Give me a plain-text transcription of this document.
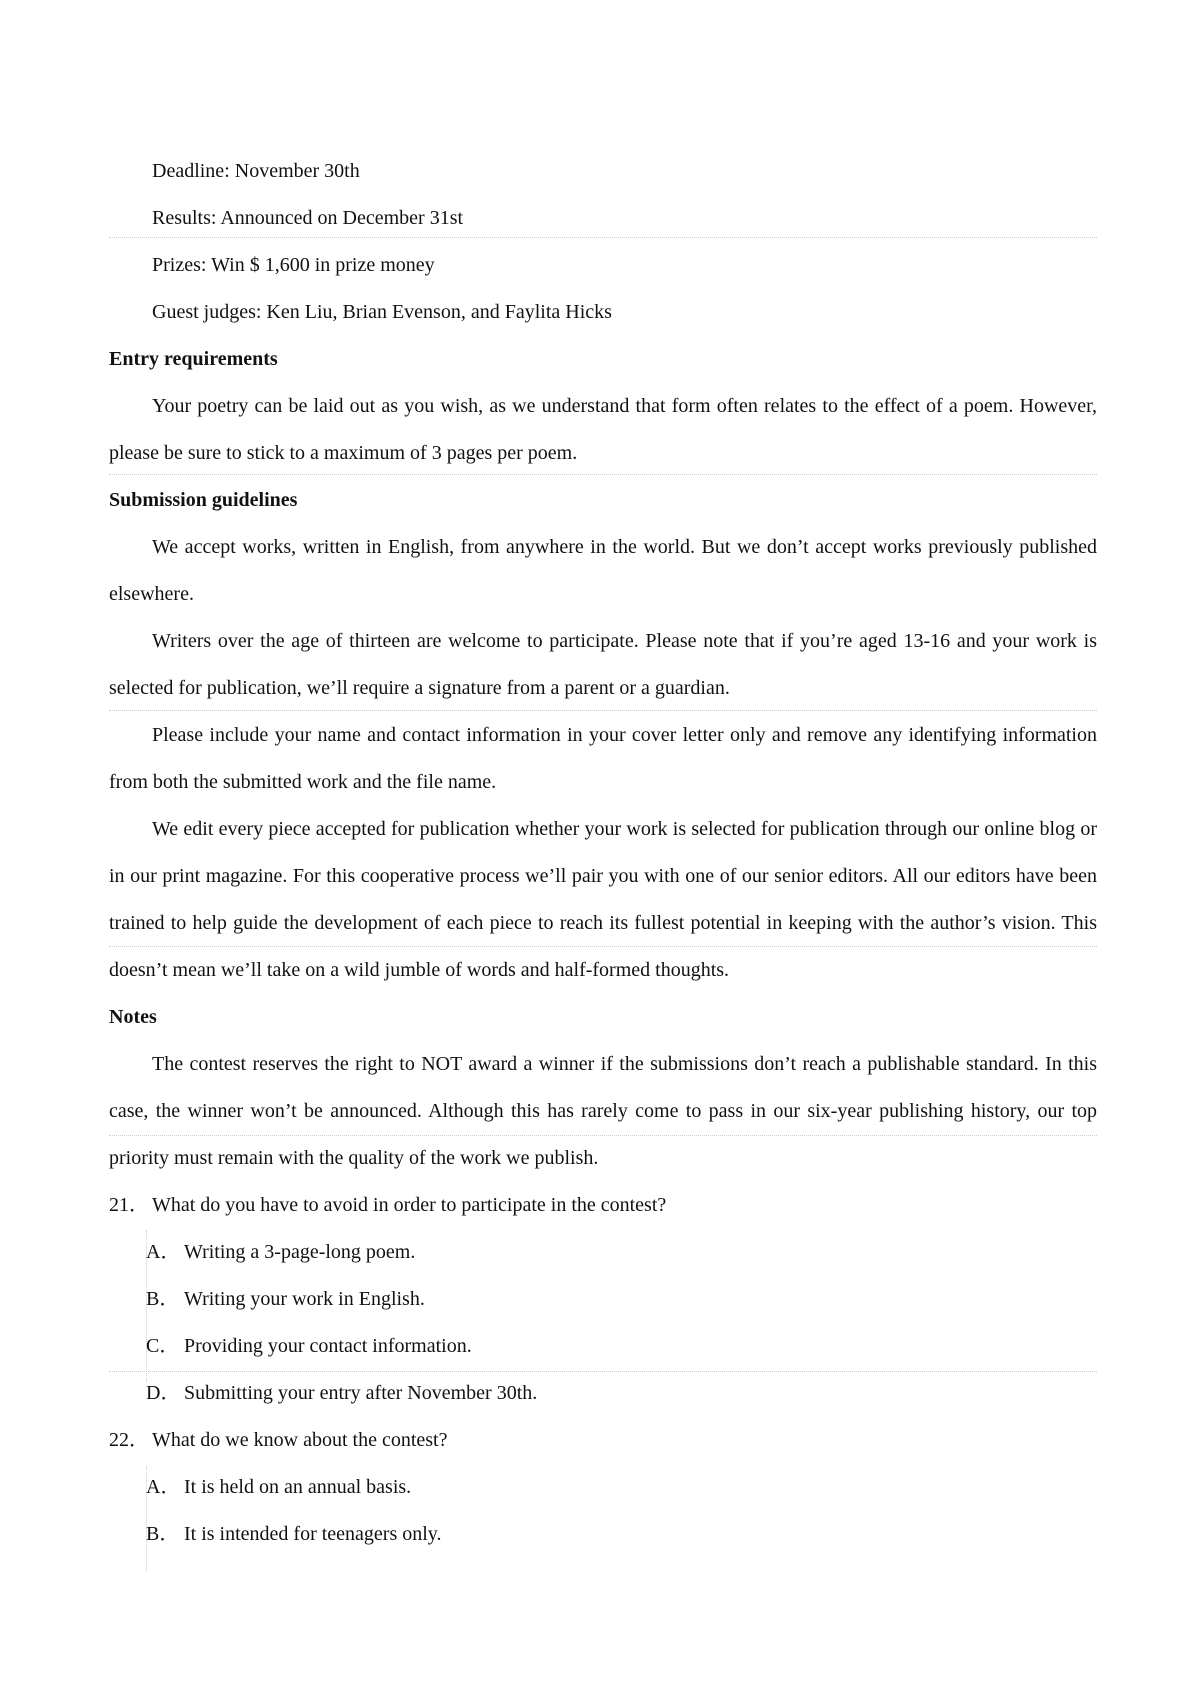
Deadline: November 30th

Results: Announced on December 31st

Prizes: Win $ 1,600 in prize money

Guest judges: Ken Liu, Brian Evenson, and Faylita Hicks

Entry requirements

Your poetry can be laid out as you wish, as we understand that form often relates to the effect of a poem. However, please be sure to stick to a maximum of 3 pages per poem.

Submission guidelines

We accept works, written in English, from anywhere in the world. But we don’t accept works previously published elsewhere.

Writers over the age of thirteen are welcome to participate. Please note that if you’re aged 13-16 and your work is selected for publication, we’ll require a signature from a parent or a guardian.

Please include your name and contact information in your cover letter only and remove any identifying information from both the submitted work and the file name.

We edit every piece accepted for publication whether your work is selected for publication through our online blog or in our print magazine. For this cooperative process we’ll pair you with one of our senior editors. All our editors have been trained to help guide the development of each piece to reach its fullest potential in keeping with the author’s vision. This doesn’t mean we’ll take on a wild jumble of words and half-formed thoughts.

Notes

The contest reserves the right to NOT award a winner if the submissions don’t reach a publishable standard. In this case, the winner won’t be announced. Although this has rarely come to pass in our six-year publishing history, our top priority must remain with the quality of the work we publish.

21． What do you have to avoid in order to participate in the contest?
A． Writing a 3-page-long poem.
B． Writing your work in English.
C． Providing your contact information.
D． Submitting your entry after November 30th.
22． What do we know about the contest?
A． It is held on an annual basis.
B． It is intended for teenagers only.
